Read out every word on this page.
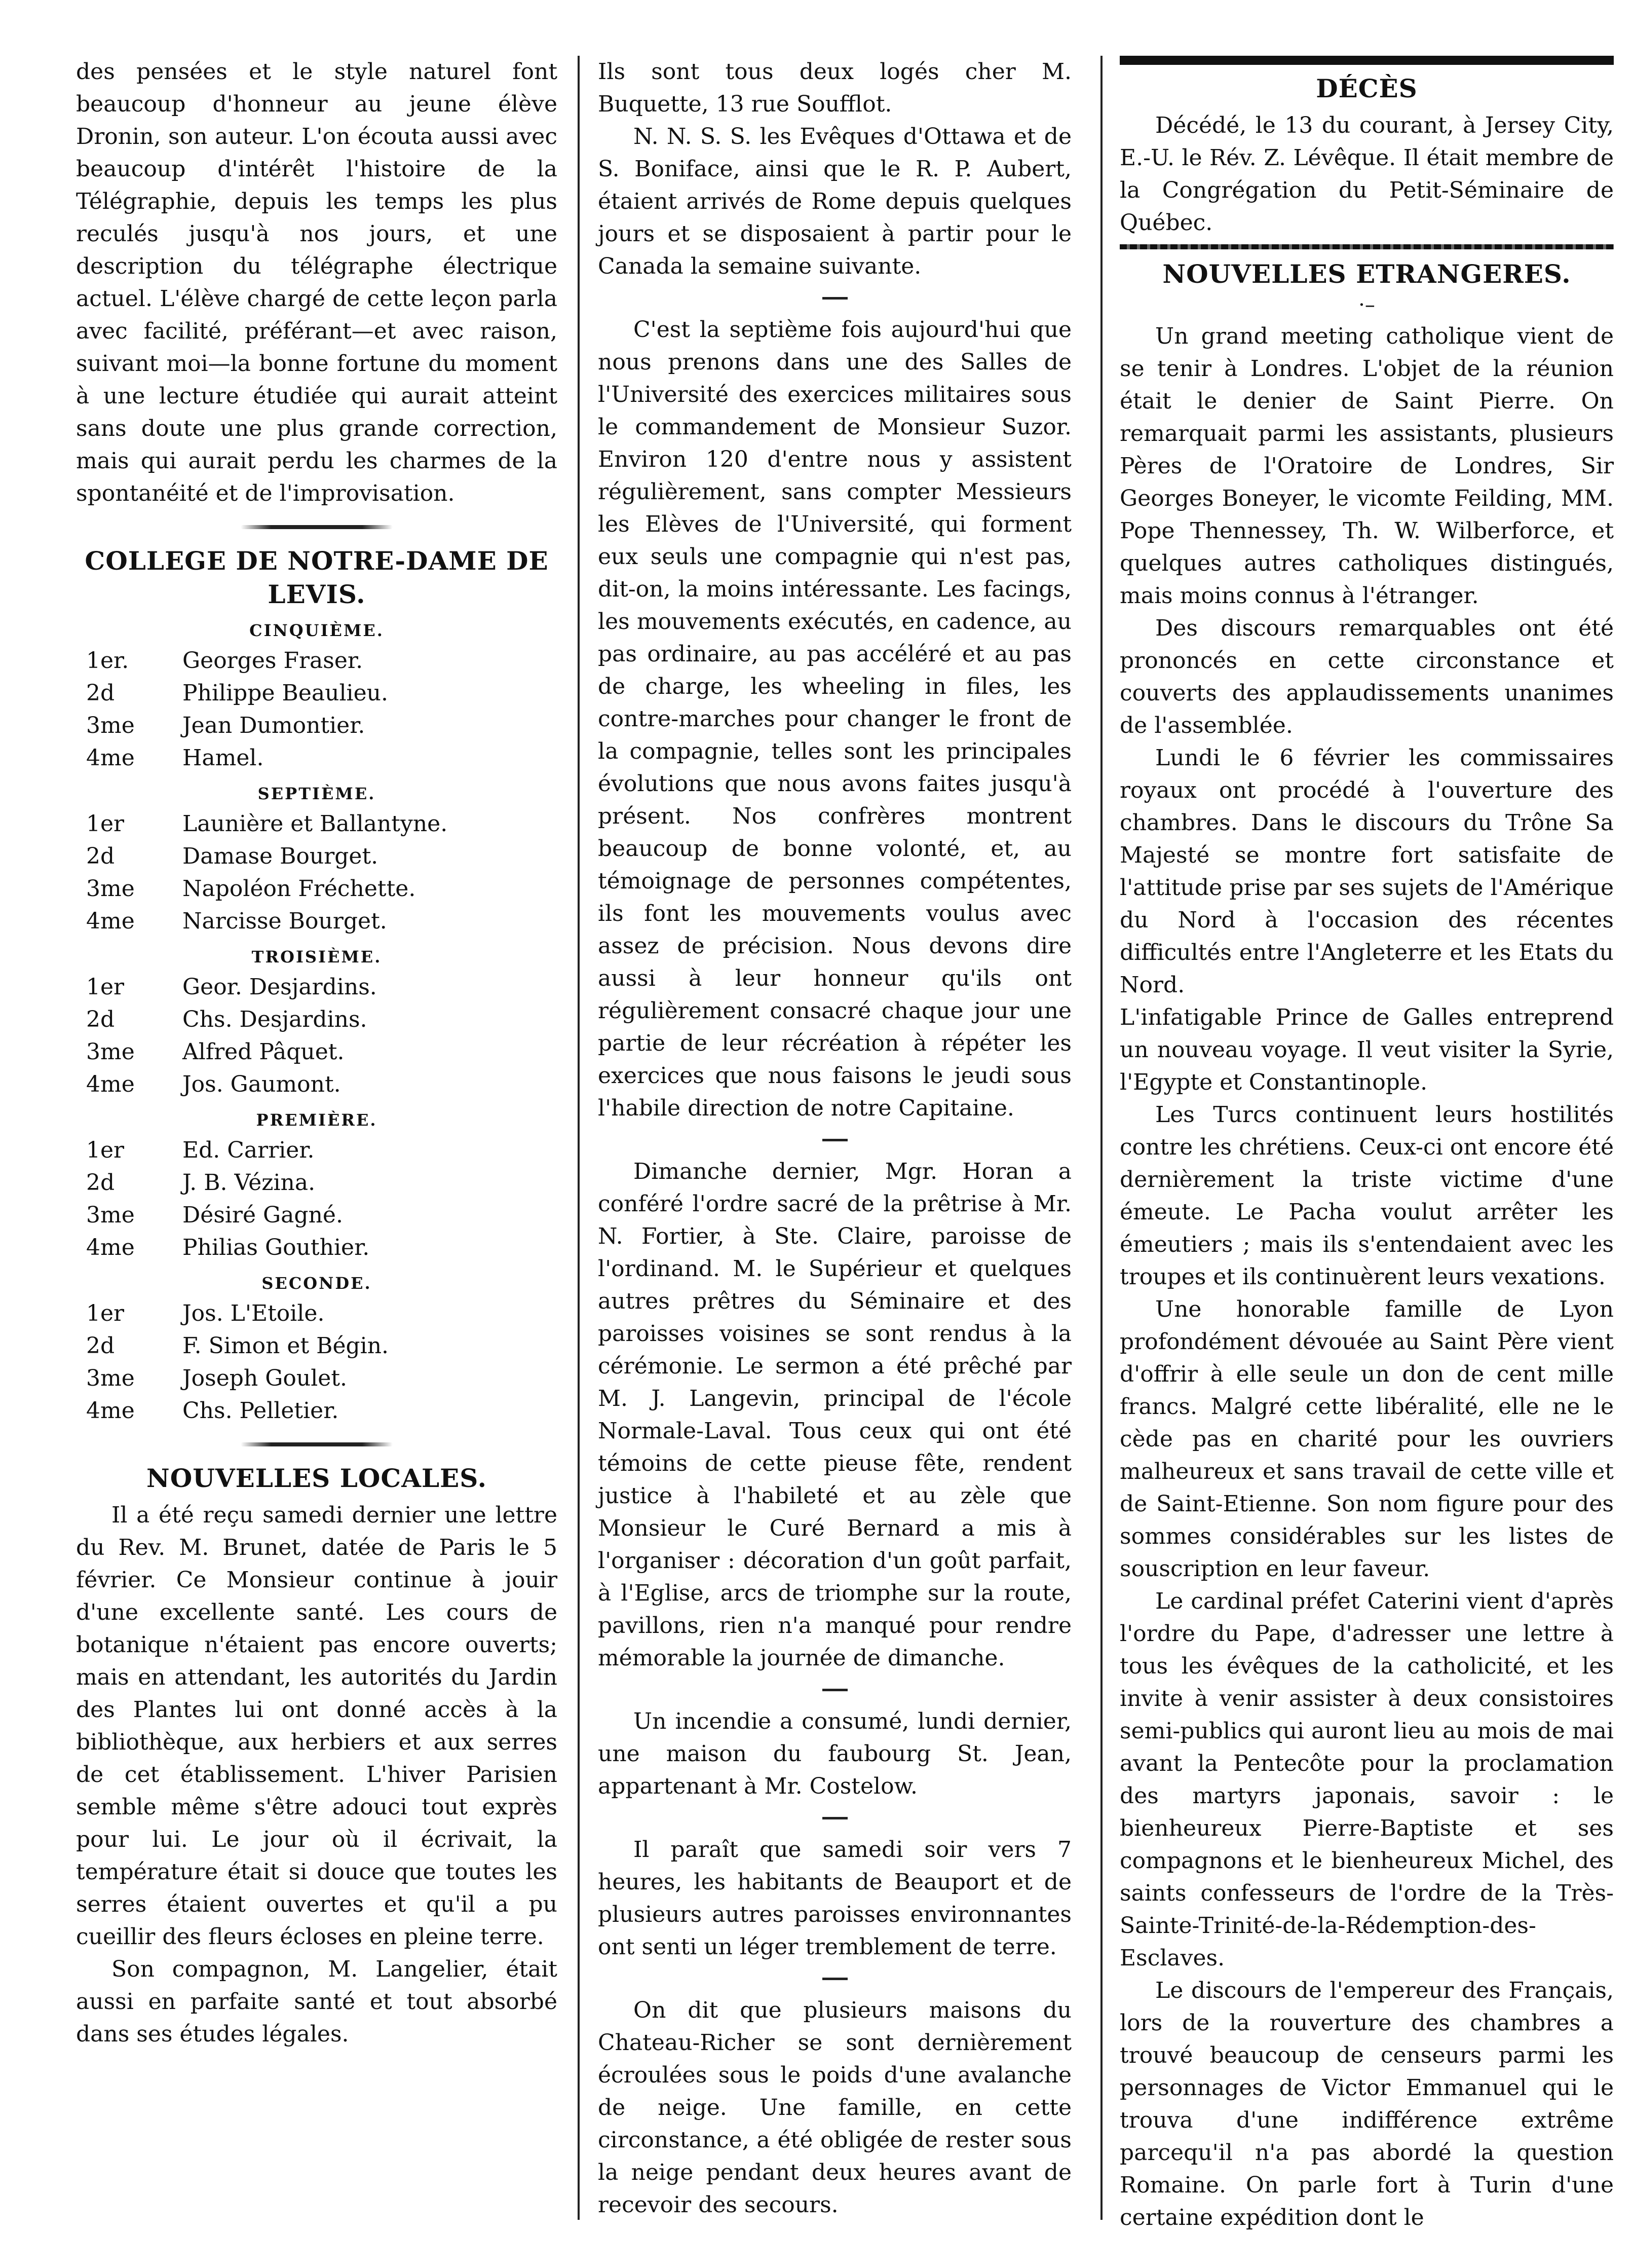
des pensées et le style naturel font beaucoup d'honneur au jeune élève Dronin, son auteur. L'on écouta aussi avec beaucoup d'intérêt l'histoire de la Télégraphie, depuis les temps les plus reculés jusqu'à nos jours, et une description du télégraphe électrique actuel. L'élève chargé de cette leçon parla avec facilité, préférant—et avec raison, suivant moi—la bonne fortune du moment à une lecture étudiée qui aurait atteint sans doute une plus grande correction, mais qui aurait perdu les charmes de la spontanéité et de l'improvisation.

COLLEGE DE NOTRE-DAME DE LEVIS.
CINQUIÈME.
1er.	Georges Fraser.
2d	Philippe Beaulieu.
3me	Jean Dumontier.
4me	Hamel.
SEPTIÈME.
1er	Launière et Ballantyne.
2d	Damase Bourget.
3me	Napoléon Fréchette.
4me	Narcisse Bourget.
TROISIÈME.
1er	Geor. Desjardins.
2d	Chs. Desjardins.
3me	Alfred Pâquet.
4me	Jos. Gaumont.
PREMIÈRE.
1er	Ed. Carrier.
2d	J. B. Vézina.
3me	Désiré Gagné.
4me	Philias Gouthier.
SECONDE.
1er	Jos. L'Etoile.
2d	F. Simon et Bégin.
3me	Joseph Goulet.
4me	Chs. Pelletier.
NOUVELLES LOCALES.

Il a été reçu samedi dernier une lettre du Rev. M. Brunet, datée de Paris le 5 février. Ce Monsieur continue à jouir d'une excellente santé. Les cours de botanique n'étaient pas encore ouverts; mais en attendant, les autorités du Jardin des Plantes lui ont donné accès à la bibliothèque, aux herbiers et aux serres de cet établissement. L'hiver Parisien semble même s'être adouci tout exprès pour lui. Le jour où il écrivait, la température était si douce que toutes les serres étaient ouvertes et qu'il a pu cueillir des fleurs écloses en pleine terre.

Son compagnon, M. Langelier, était aussi en parfaite santé et tout absorbé dans ses études légales.

Ils sont tous deux logés cher M. Buquette, 13 rue Soufflot.

N. N. S. S. les Evêques d'Ottawa et de S. Boniface, ainsi que le R. P. Aubert, étaient arrivés de Rome depuis quelques jours et se disposaient à partir pour le Canada la semaine suivante.

C'est la septième fois aujourd'hui que nous prenons dans une des Salles de l'Université des exercices militaires sous le commandement de Monsieur Suzor. Environ 120 d'entre nous y assistent régulièrement, sans compter Messieurs les Elèves de l'Université, qui forment eux seuls une compagnie qui n'est pas, dit-on, la moins intéressante. Les facings, les mouvements exécutés, en cadence, au pas ordinaire, au pas accéléré et au pas de charge, les wheeling in files, les contre-marches pour changer le front de la compagnie, telles sont les principales évolutions que nous avons faites jusqu'à présent. Nos confrères montrent beaucoup de bonne volonté, et, au témoignage de personnes compétentes, ils font les mouvements voulus avec assez de précision. Nous devons dire aussi à leur honneur qu'ils ont régulièrement consacré chaque jour une partie de leur récréation à répéter les exercices que nous faisons le jeudi sous l'habile direction de notre Capitaine.

Dimanche dernier, Mgr. Horan a conféré l'ordre sacré de la prêtrise à Mr. N. Fortier, à Ste. Claire, paroisse de l'ordinand. M. le Supérieur et quelques autres prêtres du Séminaire et des paroisses voisines se sont rendus à la cérémonie. Le sermon a été prêché par M. J. Langevin, principal de l'école Normale-Laval. Tous ceux qui ont été témoins de cette pieuse fête, rendent justice à l'habileté et au zèle que Monsieur le Curé Bernard a mis à l'organiser : décoration d'un goût parfait, à l'Eglise, arcs de triomphe sur la route, pavillons, rien n'a manqué pour rendre mémorable la journée de dimanche.

Un incendie a consumé, lundi dernier, une maison du faubourg St. Jean, appartenant à Mr. Costelow.

Il paraît que samedi soir vers 7 heures, les habitants de Beauport et de plusieurs autres paroisses environnantes ont senti un léger tremblement de terre.

On dit que plusieurs maisons du Chateau-Richer se sont dernièrement écroulées sous le poids d'une avalanche de neige. Une famille, en cette circonstance, a été obligée de rester sous la neige pendant deux heures avant de recevoir des secours.

DÉCÈS

Décédé, le 13 du courant, à Jersey City, E.-U. le Rév. Z. Lévêque. Il était membre de la Congrégation du Petit-Séminaire de Québec.

NOUVELLES ETRANGERES.
·–

Un grand meeting catholique vient de se tenir à Londres. L'objet de la réunion était le denier de Saint Pierre. On remarquait parmi les assistants, plusieurs Pères de l'Oratoire de Londres, Sir Georges Boneyer, le vicomte Feilding, MM. Pope Thennessey, Th. W. Wilberforce, et quelques autres catholiques distingués, mais moins connus à l'étranger.

Des discours remarquables ont été prononcés en cette circonstance et couverts des applaudissements unanimes de l'assemblée.

Lundi le 6 février les commissaires royaux ont procédé à l'ouverture des chambres. Dans le discours du Trône Sa Majesté se montre fort satisfaite de l'attitude prise par ses sujets de l'Amérique du Nord à l'occasion des récentes difficultés entre l'Angleterre et les Etats du Nord.

L'infatigable Prince de Galles entreprend un nouveau voyage. Il veut visiter la Syrie, l'Egypte et Constantinople.

Les Turcs continuent leurs hostilités contre les chrétiens. Ceux-ci ont encore été dernièrement la triste victime d'une émeute. Le Pacha voulut arrêter les émeutiers ; mais ils s'entendaient avec les troupes et ils continuèrent leurs vexations.

Une honorable famille de Lyon profondément dévouée au Saint Père vient d'offrir à elle seule un don de cent mille francs. Malgré cette libéralité, elle ne le cède pas en charité pour les ouvriers malheureux et sans travail de cette ville et de Saint-Etienne. Son nom figure pour des sommes considérables sur les listes de souscription en leur faveur.

Le cardinal préfet Caterini vient d'après l'ordre du Pape, d'adresser une lettre à tous les évêques de la catholicité, et les invite à venir assister à deux consistoires semi-publics qui auront lieu au mois de mai avant la Pentecôte pour la proclamation des martyrs japonais, savoir : le bienheureux Pierre-Baptiste et ses compagnons et le bienheureux Michel, des saints confesseurs de l'ordre de la Très-Sainte-Trinité-de-la-Rédemption-des-Esclaves.

Le discours de l'empereur des Français, lors de la rouverture des chambres a trouvé beaucoup de censeurs parmi les personnages de Victor Emmanuel qui le trouva d'une indifférence extrême parcequ'il n'a pas abordé la question Romaine. On parle fort à Turin d'une certaine expédition dont le
